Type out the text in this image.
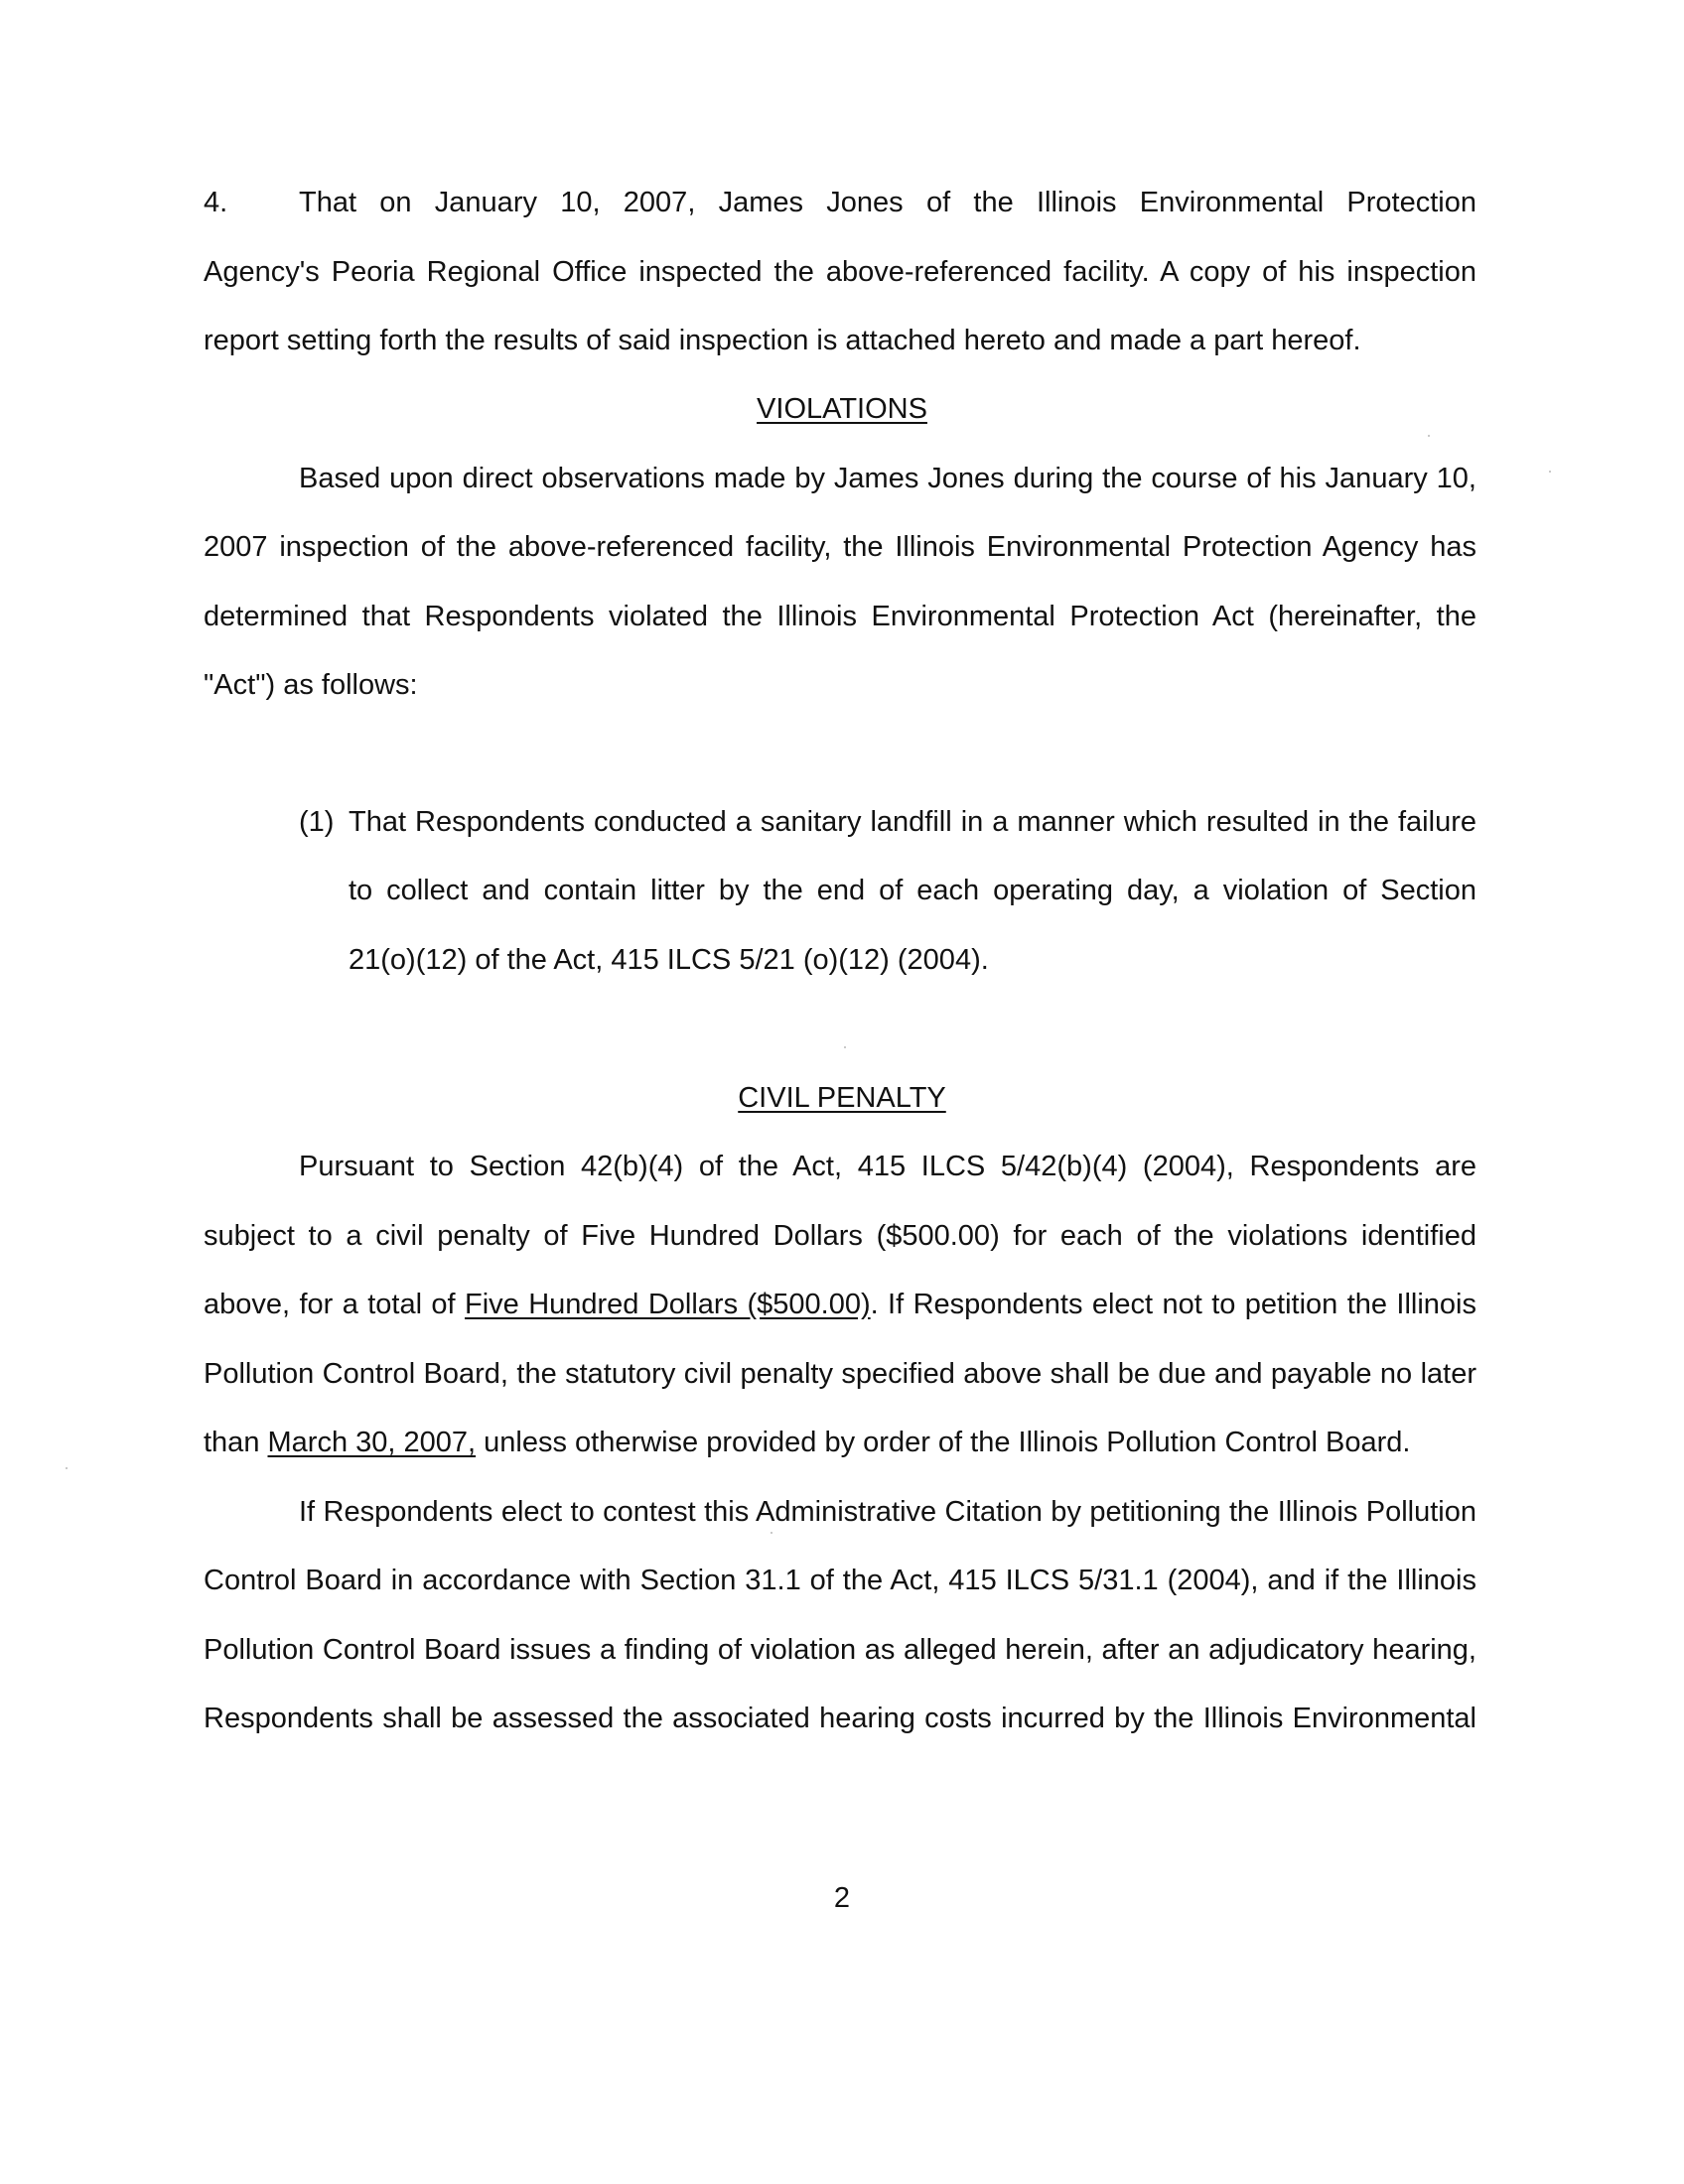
4. That on January 10, 2007, James Jones of the Illinois Environmental Protection
Agency's Peoria Regional Office inspected the above-referenced facility. A copy of his inspection
report setting forth the results of said inspection is attached hereto and made a part hereof.
VIOLATIONS
Based upon direct observations made by James Jones during the course of his January 10,
2007 inspection of the above-referenced facility, the Illinois Environmental Protection Agency has
determined that Respondents violated the Illinois Environmental Protection Act (hereinafter, the
"Act") as follows:
(1) That Respondents conducted a sanitary landfill in a manner which resulted in the failure
to collect and contain litter by the end of each operating day, a violation of Section
21(o)(12) of the Act, 415 ILCS 5/21 (o)(12) (2004).
CIVIL PENALTY
Pursuant to Section 42(b)(4) of the Act, 415 ILCS 5/42(b)(4) (2004), Respondents are
subject to a civil penalty of Five Hundred Dollars ($500.00) for each of the violations identified
above, for a total of Five Hundred Dollars ($500.00). If Respondents elect not to petition the Illinois
Pollution Control Board, the statutory civil penalty specified above shall be due and payable no later
than March 30, 2007, unless otherwise provided by order of the Illinois Pollution Control Board.
If Respondents elect to contest this Administrative Citation by petitioning the Illinois Pollution
Control Board in accordance with Section 31.1 of the Act, 415 ILCS 5/31.1 (2004), and if the Illinois
Pollution Control Board issues a finding of violation as alleged herein, after an adjudicatory hearing,
Respondents shall be assessed the associated hearing costs incurred by the Illinois Environmental
2
